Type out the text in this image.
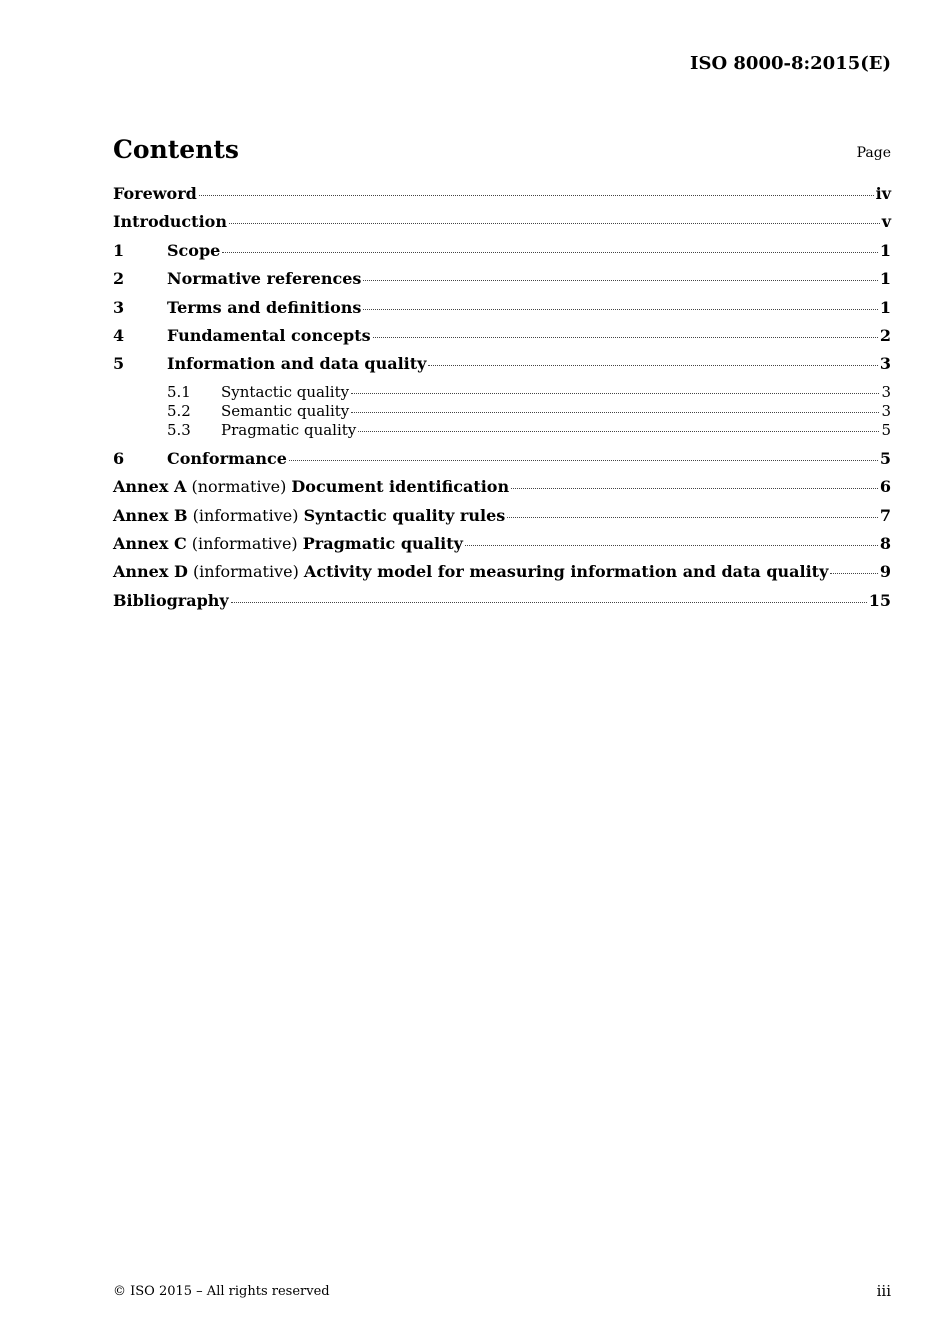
ISO 8000-8:2015(E)
Contents	Page
Foreword	iv
Introduction	v
1	Scope	1
2	Normative references	1
3	Terms and definitions	1
4	Fundamental concepts	2
5	Information and data quality	3
5.1	Syntactic quality	3
5.2	Semantic quality	3
5.3	Pragmatic quality	5
6	Conformance	5
Annex A (normative) Document identification	6
Annex B (informative) Syntactic quality rules	7
Annex C (informative) Pragmatic quality	8
Annex D (informative) Activity model for measuring information and data quality	9
Bibliography	15
© ISO 2015 – All rights reserved	iii
